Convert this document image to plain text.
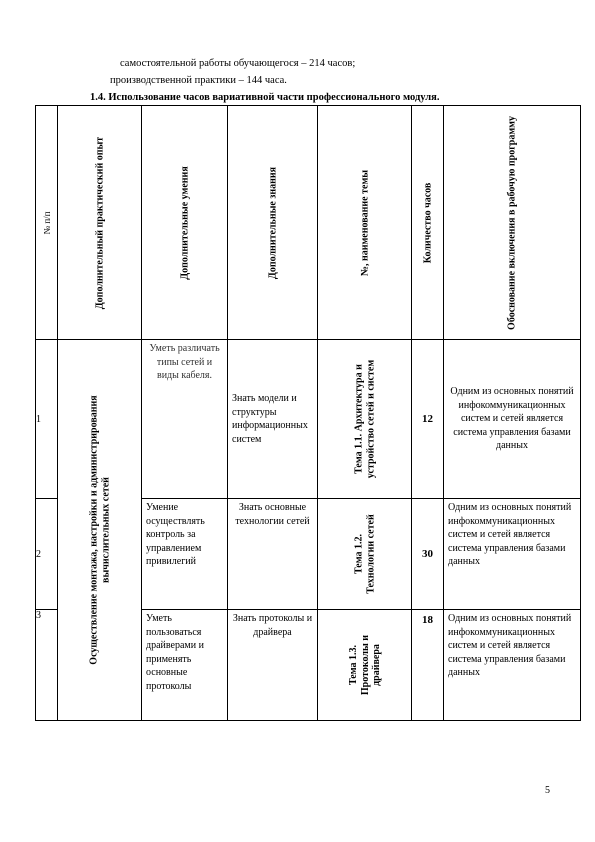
самостоятельной работы обучающегося – 214 часов;
производственной практики – 144 часа.
1.4. Использование часов вариативной части профессионального модуля.
№ п/п	Дополнительный практический опыт	Дополнительные умения	Дополнительные знания	№, наименование темы	Количество часов	Обоснование включения в рабочую программу

1	Осуществление монтажа, настройки и администрирования вычислительных сетей	Уметь различать типы сетей и виды кабеля.	Знать модели и структуры информационных систем	Тема 1.1. Архитектура и устройство сетей и систем	12	Одним из основных понятий инфокоммуникационных систем и сетей является система управления базами данных

2		Умение осуществлять контроль за управлением привилегий	Знать основные технологии сетей	Тема 1.2. Технологии сетей	30	Одним из основных понятий инфокоммуникационных систем и сетей является система управления базами данных

3		Уметь пользоваться драйверами и применять основные протоколы	Знать протоколы и драйвера	Тема 1.3. Протоколы и драйвера	18	Одним из основных понятий инфокоммуникационных систем и сетей является система управления базами данных
5
